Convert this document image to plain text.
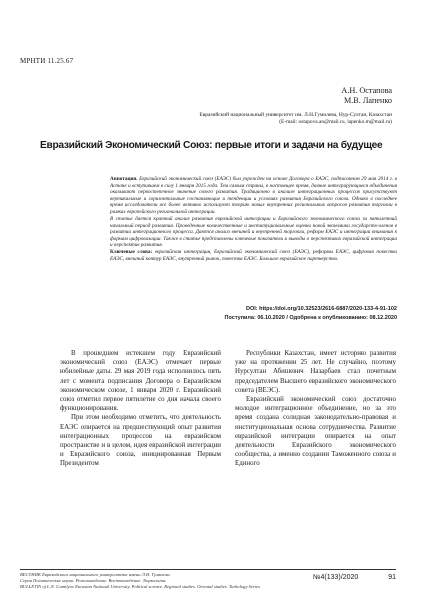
МРНТИ 11.25.67
А.Н. Остапова
М.В. Лапенко
Евразийский национальный университет им. Л.Н.Гумилева, Нур-Султан, Казахстан
(E-mail: ostapova.an@mail.ru, lapenko.m@mail.ru)
Евразийский Экономический Союз: первые итоги и задачи на будущее

Аннотация. Евразийский экономический союз (ЕАЭС) был учрежден на основе Договора о ЕАЭС, подписанном 29 мая 2014 г. в Астане и вступившем в силу 1 января 2015 года. Тем самым страны, в настоящее время, давние интегрирующиеся объединения оказывают первостепенное значение своего развития. Традиционно в анализе интеграционных процессов присутствуют вертикальные и горизонтальные составляющие и тенденции и условиях развития Евразийского союза. Однако в последнее время исследователи все более активно используют теорию новых внутренних региональных вопросов развития торговли в рамках европейского региональной интеграции.

В статье дается краткий анализ развития евразийской интеграции и Евразийского экономического союза за пятилетний начальный период развития. Проведенные количественные и институциональные оценки новой экономики государств-членов в развитии интеграционного процесса. Даются анализ внешней и внутренней торговли, реформ ЕАЭС и интеграции внимания к формам цифровизации. Также в статье представлены ключевые показатели и выводы о перспективах евразийской интеграции и перспектив развития.

Ключевые слова: евразийская интеграция, Евразийский экономический союз (ЕАЭС), реформы ЕАЭС, цифровая повестка ЕАЭС, внешний контур ЕАЭС, внутренний рынок, повестка ЕАЭС. Большое евразийское партнерство.

DOI: https://doi.org/10.32523/2616-6887/2020-133-4-91-102
Поступила: 06.10.2020 / Одобрена к опубликованию: 08.12.2020

В прошедшем истекшем году Евразийский экономический союз (ЕАЭС) отмечает первые юбилейные даты. 29 мая 2019 года исполнилось пять лет с момента подписания Договора о Евразийском экономическом союзе, 1 января 2020 г. Евразийский союз отметил первое пятилетие со дня начала своего функционирования.

При этом необходимо отметить, что деятельность ЕАЭС опирается на предшествующий опыт развития интеграционных процессов на евразийском пространстве и в целом, идея евразийской интеграции и Евразийского союза, инициированная Первым Президентом

Республики Казахстан, имеет историю развития уже на протяжении 25 лет. Не случайно, поэтому Нурсултан Абишевич Назарбаев стал почетным председателем Высшего евразийского экономического совета (ВЕЭС).

Евразийский экономический союз достаточно молодое интеграционное объединение, но за это время создана солидная законодательно-правовая и институциональная основа сотрудничества. Развитие евразийской интеграции опирается на опыт деятельности Евразийского экономического сообщества, а именно создании Таможенного союза и Единого

ВЕСТНИК Евразийского национального университета имени Л.Н. Гумилева.
Серия Политические науки. Регионоведение. Востоковедение. Тюркология.
BULLETIN of L.N. Gumilyov Eurasian National University. Political science. Regional studies. Oriental studies. Turkology Series
№4(133)/2020	91
